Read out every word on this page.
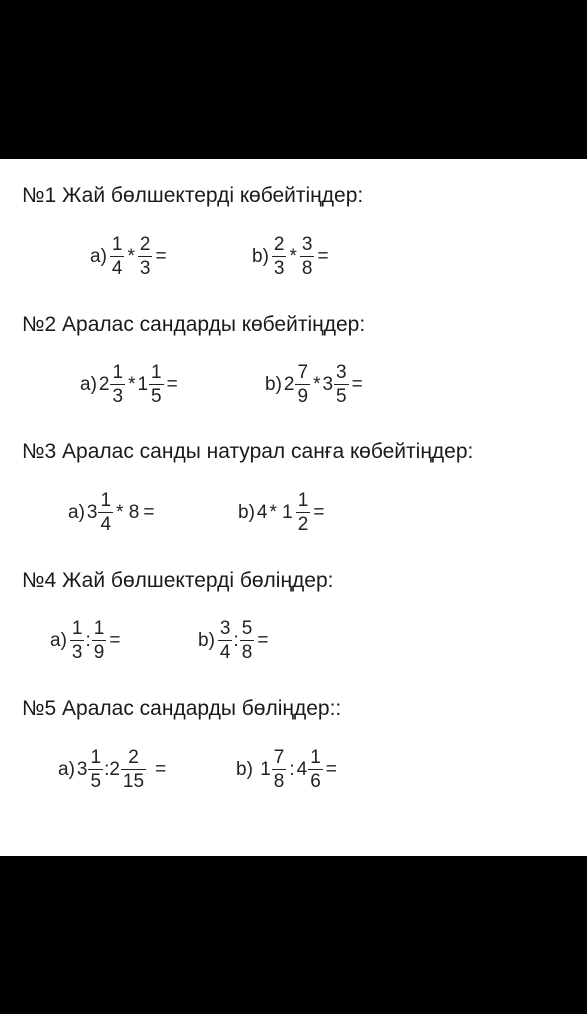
№1 Жай бөлшектерді көбейтіңдер:
$a) \frac{1}{4} * \frac{2}{3}$ =	$b) \frac{2}{3} * \frac{3}{8}$ =
№2 Аралас сандарды көбейтіңдер:
a) $2 \frac{1}{3} * 1 \frac{1}{5}$ =	b) $2 \frac{7}{9} * 3 \frac{3}{5}$ =
№3 Аралас санды натурал санға көбейтіңдер:
a) $3 \frac{1}{4} * 8$ =	b) $4 * 1 \frac{1}{2}$ =
№4 Жай бөлшектерді бөліңдер:
$a) \frac{1}{3}$ : $\frac{1}{9}$ =	$b) \frac{3}{4}$ : $\frac{5}{8}$ =
№5 Аралас сандарды бөліңдер::
a) $3 \frac{1}{5}$ : $2 \frac{2}{15}$ =	b) $1 \frac{7}{8}$ : $4 \frac{1}{6}$ =
